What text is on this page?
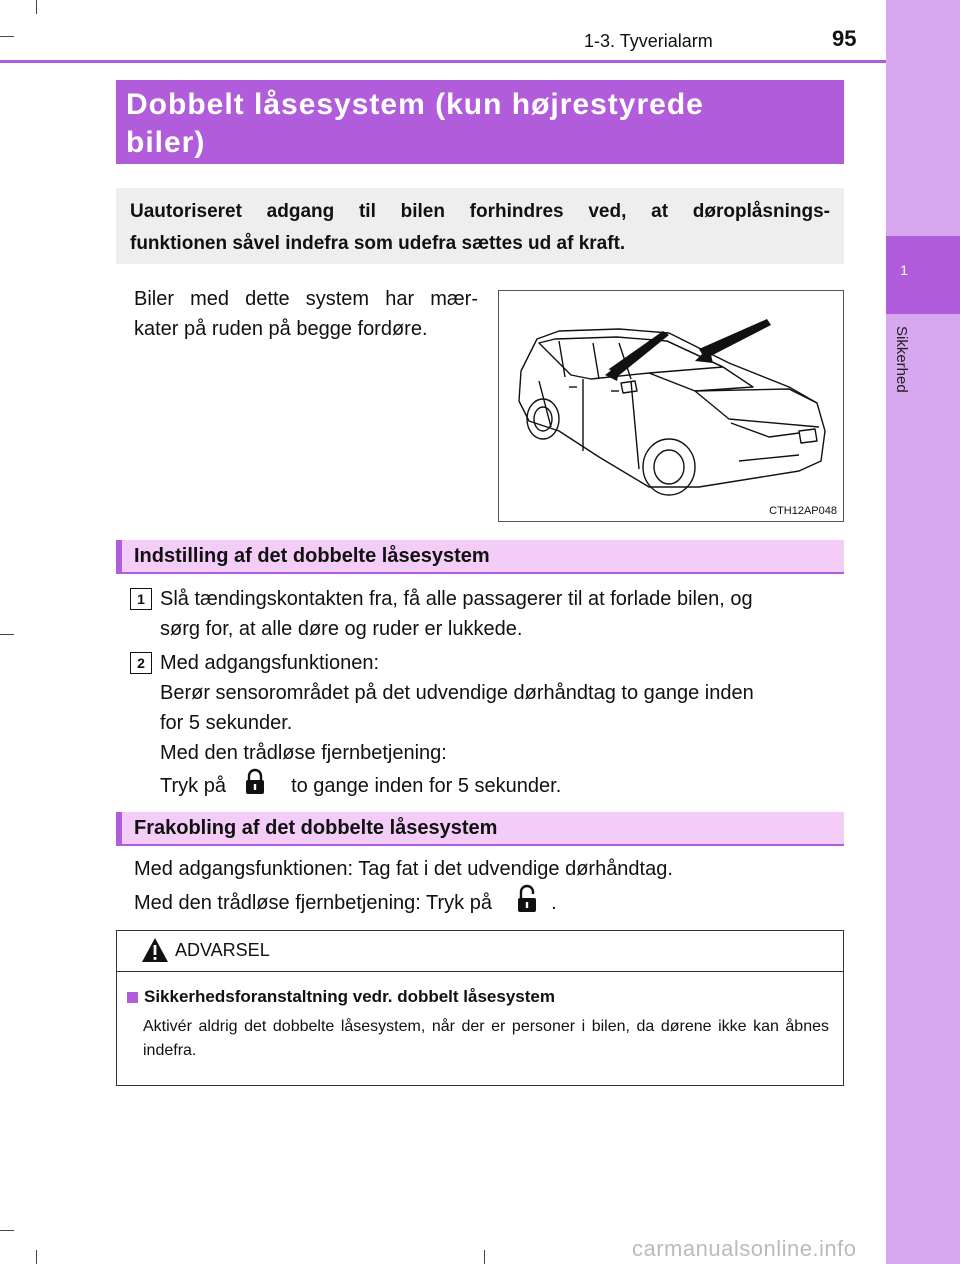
1
Sikkerhed
1-3. Tyverialarm	95
Dobbelt låsesystem (kun højrestyrede
biler)
Uautoriseret adgang til bilen forhindres ved, at døroplåsnings-
funktionen såvel indefra som udefra sættes ud af kraft.
Biler med dette system har mær-
kater på ruden på begge fordøre.
CTH12AP048
Indstilling af det dobbelte låsesystem
1 Slå tændingskontakten fra, få alle passagerer til at forlade bilen, og
sørg for, at alle døre og ruder er lukkede.
2 Med adgangsfunktionen:
Berør sensorområdet på det udvendige dørhåndtag to gange inden
for 5 sekunder.
Med den trådløse fjernbetjening:
Tryk på	to gange inden for 5 sekunder.
Frakobling af det dobbelte låsesystem
Med adgangsfunktionen: Tag fat i det udvendige dørhåndtag.
Med den trådløse fjernbetjening: Tryk på	.
ADVARSEL
Sikkerhedsforanstaltning vedr. dobbelt låsesystem
Aktivér aldrig det dobbelte låsesystem, når der er personer i bilen, da dørene ikke kan åbnes indefra.
carmanualsonline.info
